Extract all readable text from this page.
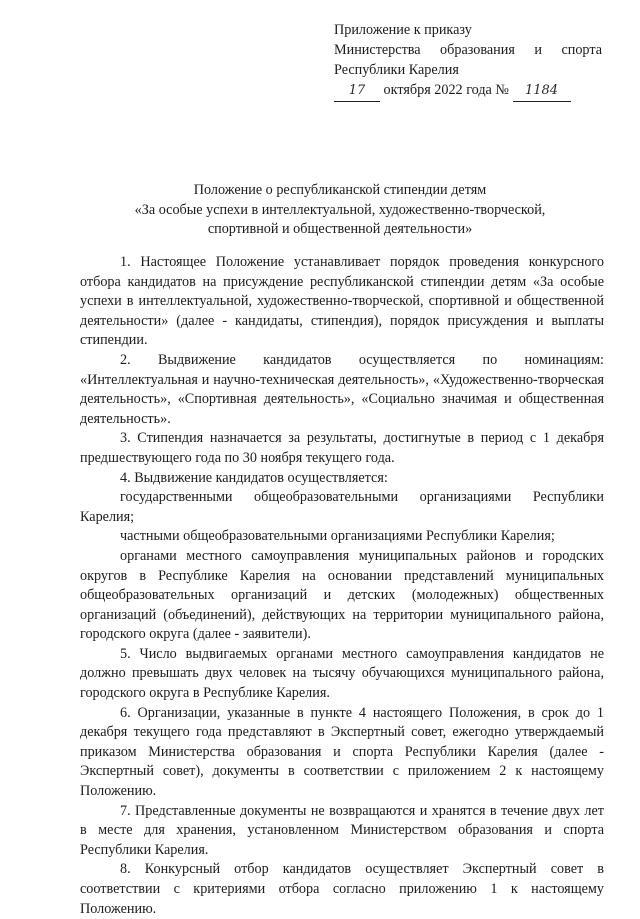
Приложение к приказу
Министерства образования и спорта
Республики Карелия
17 октября 2022 года № 1184
Положение о республиканской стипендии детям
«За особые успехи в интеллектуальной, художественно-творческой,
спортивной и общественной деятельности»

1. Настоящее Положение устанавливает порядок проведения конкурсного отбора кандидатов на присуждение республиканской стипендии детям «За особые успехи в интеллектуальной, художественно-творческой, спортивной и общественной деятельности» (далее - кандидаты, стипендия), порядок присуждения и выплаты стипендии.

2. Выдвижение кандидатов осуществляется по номинациям: «Интеллектуальная и научно-техническая деятельность», «Художественно-творческая деятельность», «Спортивная деятельность», «Социально значимая и общественная деятельность».

3. Стипендия назначается за результаты, достигнутые в период с 1 декабря предшествующего года по 30 ноября текущего года.

4. Выдвижение кандидатов осуществляется:

государственными общеобразовательными организациями Республики Карелия;

частными общеобразовательными организациями Республики Карелия;

органами местного самоуправления муниципальных районов и городских округов в Республике Карелия на основании представлений муниципальных общеобразовательных организаций и детских (молодежных) общественных организаций (объединений), действующих на территории муниципального района, городского округа (далее - заявители).

5. Число выдвигаемых органами местного самоуправления кандидатов не должно превышать двух человек на тысячу обучающихся муниципального района, городского округа в Республике Карелия.

6. Организации, указанные в пункте 4 настоящего Положения, в срок до 1 декабря текущего года представляют в Экспертный совет, ежегодно утверждаемый приказом Министерства образования и спорта Республики Карелия (далее - Экспертный совет), документы в соответствии с приложением 2 к настоящему Положению.

7. Представленные документы не возвращаются и хранятся в течение двух лет в месте для хранения, установленном Министерством образования и спорта Республики Карелия.

8. Конкурсный отбор кандидатов осуществляет Экспертный совет в соответствии с критериями отбора согласно приложению 1 к настоящему Положению.
